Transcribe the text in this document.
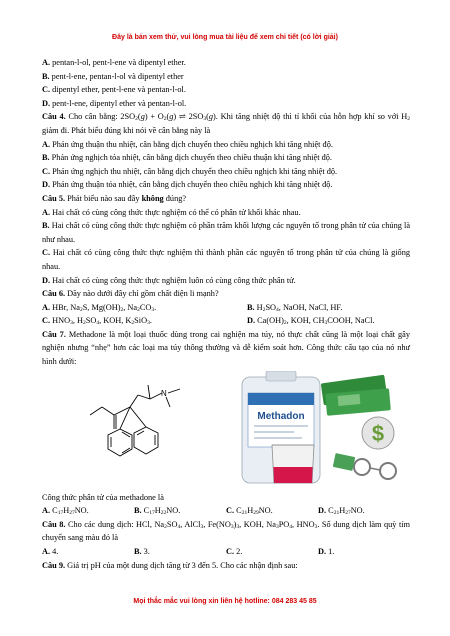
Đây là bản xem thử, vui lòng mua tài liệu để xem chi tiết (có lời giải)
A. pentan-l-ol, pent-l-ene và dipentyl ether.
B. pent-l-ene, pentan-l-ol và dipentyl ether
C. dipentyl ether, pent-l-ene và pentan-l-ol.
D. pent-l-ene, dipentyl ether và pentan-l-ol.
Câu 4. Cho cân bằng: $2SO_2(g) + O_2(g)$ ⇌ $2SO_3(g)$. Khi tăng nhiệt độ thì tỉ khối của hỗn hợp khí so với $H_2$ giảm đi. Phát biểu đúng khi nói về cân bằng này là
A. Phản ứng thuận thu nhiệt, cân bằng dịch chuyển theo chiều nghịch khi tăng nhiệt độ.
B. Phản ứng nghịch tỏa nhiệt, cân bằng dịch chuyển theo chiều thuận khi tăng nhiệt độ.
C. Phản ứng nghịch thu nhiệt, cân bằng dịch chuyển theo chiều nghịch khi tăng nhiệt độ.
D. Phản ứng thuận tỏa nhiệt, cân bằng dịch chuyển theo chiều nghịch khi tăng nhiệt độ.
Câu 5. Phát biểu nào sau đây không đúng?
A. Hai chất có cùng công thức thực nghiệm có thể có phân tử khối khác nhau.
B. Hai chất có cùng công thức thực nghiệm có phần trăm khối lượng các nguyên tố trong phân tử của chúng là như nhau.
C. Hai chất có cùng công thức thực nghiệm thì thành phần các nguyên tố trong phân tử của chúng là giống nhau.
D. Hai chất có cùng công thức thực nghiệm luôn có cùng công thức phân tử.
Câu 6. Dãy nào dưới đây chỉ gồm chất điện li mạnh?
A. HBr, $Na_2S$, $Mg(OH)_2$, $Na_2CO_3$.	B. $H_2SO_4$, NaOH, NaCl, HF.
C. $HNO_3$, $H_2SO_4$, KOH, $K_2SiO_3$.	D. $Ca(OH)_2$, KOH, $CH_3COOH$, NaCl.
Câu 7. Methadone là một loại thuốc dùng trong cai nghiện ma túy, nó thực chất cũng là một loại chất gây nghiện nhưng “nhẹ” hơn các loại ma túy thông thường và dễ kiểm soát hơn. Công thức cấu tạo của nó như hình dưới:
N
Methadon
$
Công thức phân tử của methadone là
A. $C_{17}H_{27}NO$.	B. $C_{17}H_{22}NO$.	C. $C_{21}H_{29}NO$.	D. $C_{21}H_{27}NO$.
Câu 8. Cho các dung dịch: HCl, $Na_2SO_4$, AlCl$_3$, $Fe(NO_3)_3$, KOH, $Na_3PO_4$, $HNO_3$. Số dung dịch làm quỳ tím chuyển sang màu đỏ là
A. 4.	B. 3.	C. 2.	D. 1.
Câu 9. Giá trị pH của một dung dịch tăng từ 3 đến 5. Cho các nhận định sau:
Mọi thắc mắc vui lòng xin liên hệ hotline: 084 283 45 85
